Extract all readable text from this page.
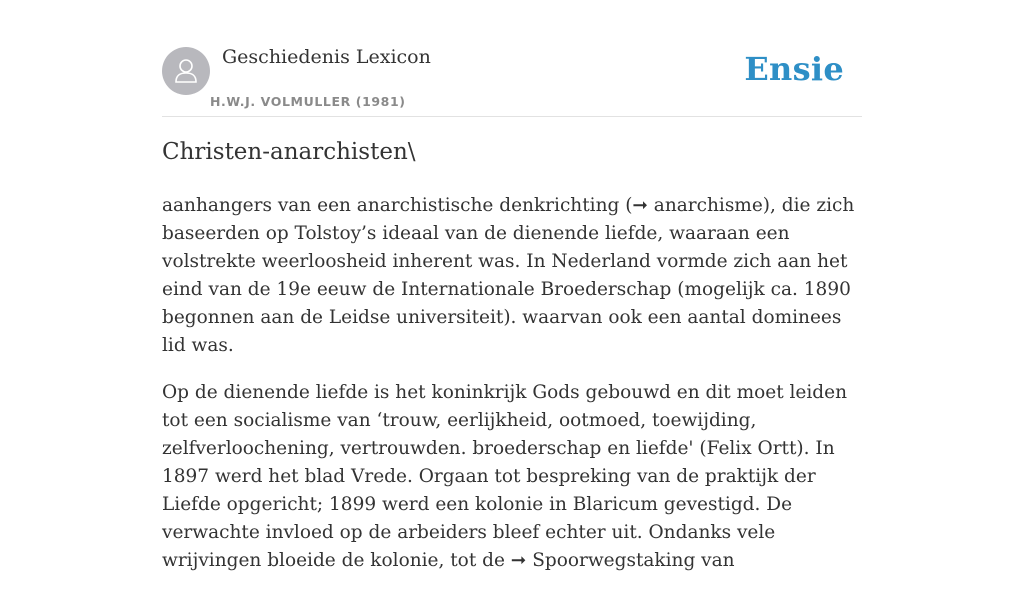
Geschiedenis Lexicon
H.W.J. VOLMULLER (1981)
Ensie
Christen-anarchisten\

aanhangers van een anarchistische denkrichting (➞ anarchisme), die zich baseerden op Tolstoy’s ideaal van de dienende liefde, waaraan een volstrekte weerloosheid inherent was. In Nederland vormde zich aan het eind van de 19e eeuw de Internationale Broederschap (mogelijk ca. 1890 begonnen aan de Leidse universiteit). waarvan ook een aantal dominees lid was.

Op de dienende liefde is het koninkrijk Gods gebouwd en dit moet leiden tot een socialisme van ‘trouw, eerlijkheid, ootmoed, toewijding, zelfverloochening, vertrouwden. broederschap en liefde' (Felix Ortt). In 1897 werd het blad Vrede. Orgaan tot bespreking van de praktijk der Liefde opgericht; 1899 werd een kolonie in Blaricum gevestigd. De verwachte invloed op de arbeiders bleef echter uit. Ondanks vele wrijvingen bloeide de kolonie, tot de ➞ Spoorwegstaking van
